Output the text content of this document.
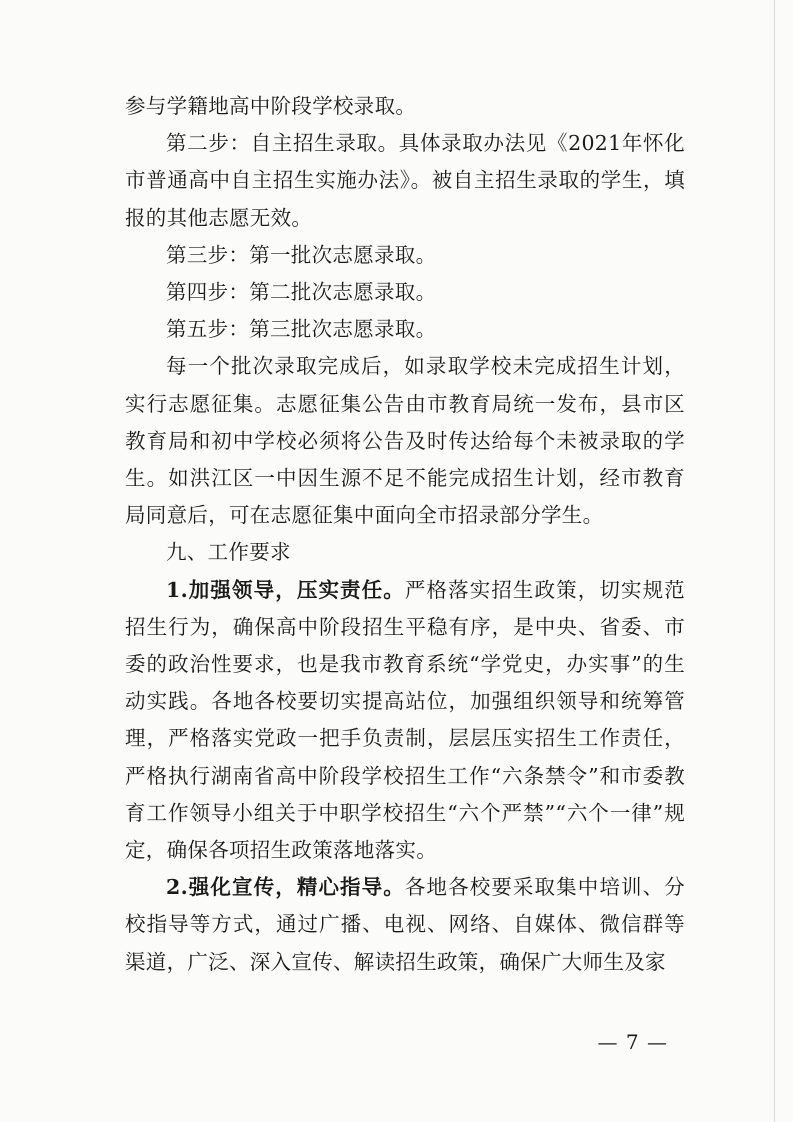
参与学籍地高中阶段学校录取。

第二步：自主招生录取。具体录取办法见《2021年怀化市普通高中自主招生实施办法》。被自主招生录取的学生，填报的其他志愿无效。

第三步：第一批次志愿录取。

第四步：第二批次志愿录取。

第五步：第三批次志愿录取。

每一个批次录取完成后，如录取学校未完成招生计划，实行志愿征集。志愿征集公告由市教育局统一发布，县市区教育局和初中学校必须将公告及时传达给每个未被录取的学生。如洪江区一中因生源不足不能完成招生计划，经市教育局同意后，可在志愿征集中面向全市招录部分学生。

九、工作要求

1.加强领导，压实责任。严格落实招生政策，切实规范招生行为，确保高中阶段招生平稳有序，是中央、省委、市委的政治性要求，也是我市教育系统“学党史，办实事”的生动实践。各地各校要切实提高站位，加强组织领导和统筹管理，严格落实党政一把手负责制，层层压实招生工作责任，严格执行湖南省高中阶段学校招生工作“六条禁令”和市委教育工作领导小组关于中职学校招生“六个严禁”“六个一律”规定，确保各项招生政策落地落实。

2.强化宣传，精心指导。各地各校要采取集中培训、分校指导等方式，通过广播、电视、网络、自媒体、微信群等渠道，广泛、深入宣传、解读招生政策，确保广大师生及家

— 7 —
